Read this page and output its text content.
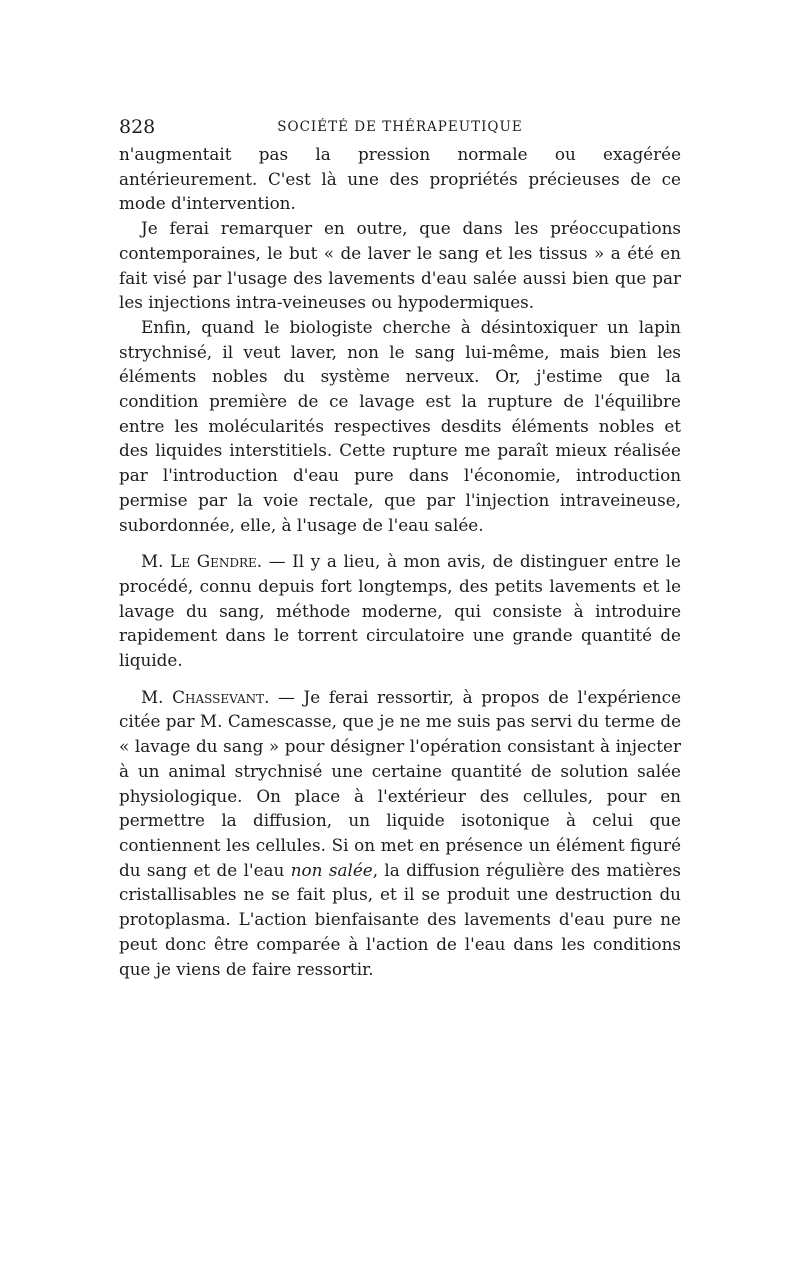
828	SOCIÉTÉ DE THÉRAPEUTIQUE

n'augmentait pas la pression normale ou exagérée antérieurement. C'est là une des propriétés précieuses de ce mode d'intervention.

Je ferai remarquer en outre, que dans les préoccupations contemporaines, le but « de laver le sang et les tissus » a été en fait visé par l'usage des lavements d'eau salée aussi bien que par les injections intra-veineuses ou hypodermiques.

Enfin, quand le biologiste cherche à désintoxiquer un lapin strychnisé, il veut laver, non le sang lui-même, mais bien les éléments nobles du système nerveux. Or, j'estime que la condition première de ce lavage est la rupture de l'équilibre entre les molécularités respectives desdits éléments nobles et des liquides interstitiels. Cette rupture me paraît mieux réalisée par l'introduction d'eau pure dans l'économie, introduction permise par la voie rectale, que par l'injection intraveineuse, subordonnée, elle, à l'usage de l'eau salée.

M. Le Gendre. — Il y a lieu, à mon avis, de distinguer entre le procédé, connu depuis fort longtemps, des petits lavements et le lavage du sang, méthode moderne, qui consiste à introduire rapidement dans le torrent circulatoire une grande quantité de liquide.

M. Chassevant. — Je ferai ressortir, à propos de l'expérience citée par M. Camescasse, que je ne me suis pas servi du terme de « lavage du sang » pour désigner l'opération consistant à injecter à un animal strychnisé une certaine quantité de solution salée physiologique. On place à l'extérieur des cellules, pour en permettre la diffusion, un liquide isotonique à celui que contiennent les cellules. Si on met en présence un élément figuré du sang et de l'eau non salée, la diffusion régulière des matières cristallisables ne se fait plus, et il se produit une destruction du protoplasma. L'action bienfaisante des lavements d'eau pure ne peut donc être comparée à l'action de l'eau dans les conditions que je viens de faire ressortir.
